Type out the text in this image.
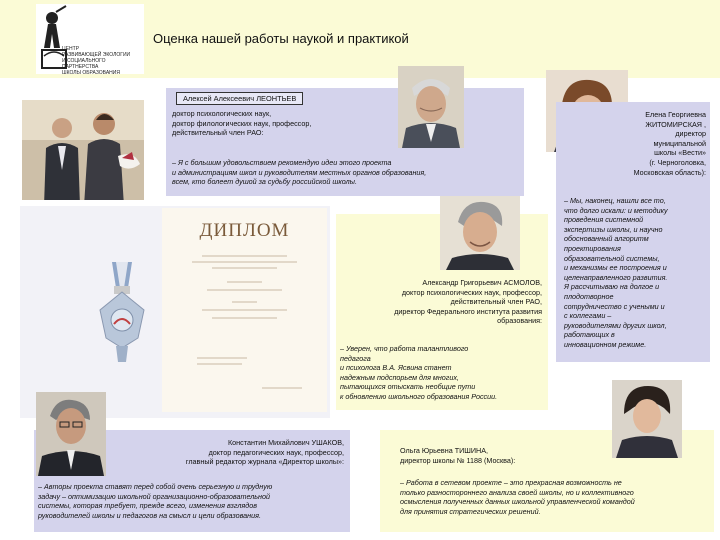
ЦЕНТР
РАЗВИВАЮЩЕЙ ЭКОЛОГИИ
И СОЦИАЛЬНОГО ПАРТНЕРСТВА
ШКОЛЫ ОБРАЗОВАНИЯ
Оценка нашей работы наукой и практикой
Алексей Алексеевич ЛЕОНТЬЕВ
доктор психологических наук,
доктор филологических наук, профессор,
действительный член РАО:
– Я с большим удовольствием рекомендую идеи этого проекта
и администрациям школ и руководителям местных органов образования,
всем, кто болеет душой за судьбу российской школы.
Елена Георгиевна
ЖИТОМИРСКАЯ ,
директор
муниципальной
школы «Вести»
(г. Черноголовка,
Московская область):
– Мы, наконец, нашли все то,
что долго искали: и методику
проведения системной
экспертизы школы, и научно
обоснованный алгоритм
проектирования
образовательной системы,
и механизмы ее построения и
целенаправленного развития.
Я рассчитываю на долгое и
плодотворное
сотрудничество с учеными и
с коллегами –
руководителями других школ,
работающих в
инновационном режиме.
ДИПЛОМ
Александр Григорьевич АСМОЛОВ,
доктор психологических наук, профессор,
действительный член РАО,
директор Федерального института развития
образования:
– Уверен, что работа талантливого
педагога
и психолога В.А. Ясвина станет
надежным подспорьем для многих,
пытающихся отыскать необщие пути
к обновлению школьного образования России.
Константин Михайлович УШАКОВ,
доктор педагогических наук, профессор,
главный редактор журнала «Директор школы»:
– Авторы проекта ставят перед собой очень серьезную и трудную
задачу – оптимизацию школьной организационно-образовательной
системы, которая требует, прежде всего, изменения взглядов
руководителей школы и педагогов на смысл и цели образования.
Ольга Юрьевна ТИШИНА,
директор школы № 1188 (Москва):
– Работа в сетевом проекте – это прекрасная возможность не
только разностороннего анализа своей школы, но и коллективного
осмысления полученных данных школьной управленческой командой
для принятия стратегических решений.
